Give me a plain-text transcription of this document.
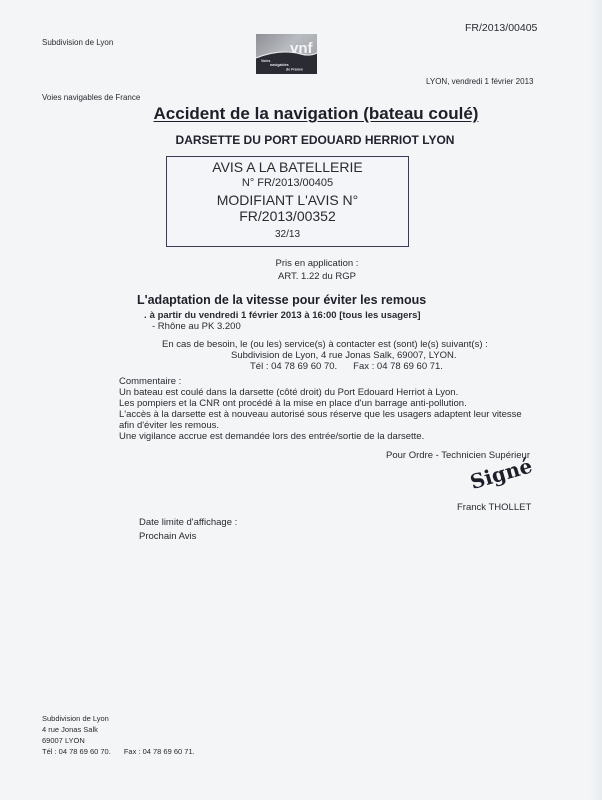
Subdivision de Lyon
Voies navigables de France
FR/2013/00405
LYON, vendredi 1 février 2013
vnf
Voies
navigables
de France
Accident de la navigation (bateau coulé)
DARSETTE DU PORT EDOUARD HERRIOT LYON
AVIS A LA BATELLERIE
N° FR/2013/00405
MODIFIANT L'AVIS N°
FR/2013/00352
32/13
Pris en application :
ART. 1.22 du RGP
L'adaptation de la vitesse pour éviter les remous
. à partir du vendredi 1 février 2013 à 16:00 [tous les usagers]
- Rhône au PK 3.200
En cas de besoin, le (ou les) service(s) à contacter est (sont) le(s) suivant(s) :
Subdivision de Lyon, 4 rue Jonas Salk, 69007, LYON.
Tél : 04 78 69 60 70. Fax : 04 78 69 60 71.
Commentaire :
Un bateau est coulé dans la darsette (côté droit) du Port Edouard Herriot à Lyon.
Les pompiers et la CNR ont procédé à la mise en place d'un barrage anti-pollution.
L'accès à la darsette est à nouveau autorisé sous réserve que les usagers adaptent leur vitesse
afin d'éviter les remous.
Une vigilance accrue est demandée lors des entrée/sortie de la darsette.
Pour Ordre - Technicien Supérieur
Signé
Franck THOLLET
Date limite d'affichage :
Prochain Avis
Subdivision de Lyon
4 rue Jonas Salk
69007 LYON
Tél : 04 78 69 60 70. Fax : 04 78 69 60 71.
